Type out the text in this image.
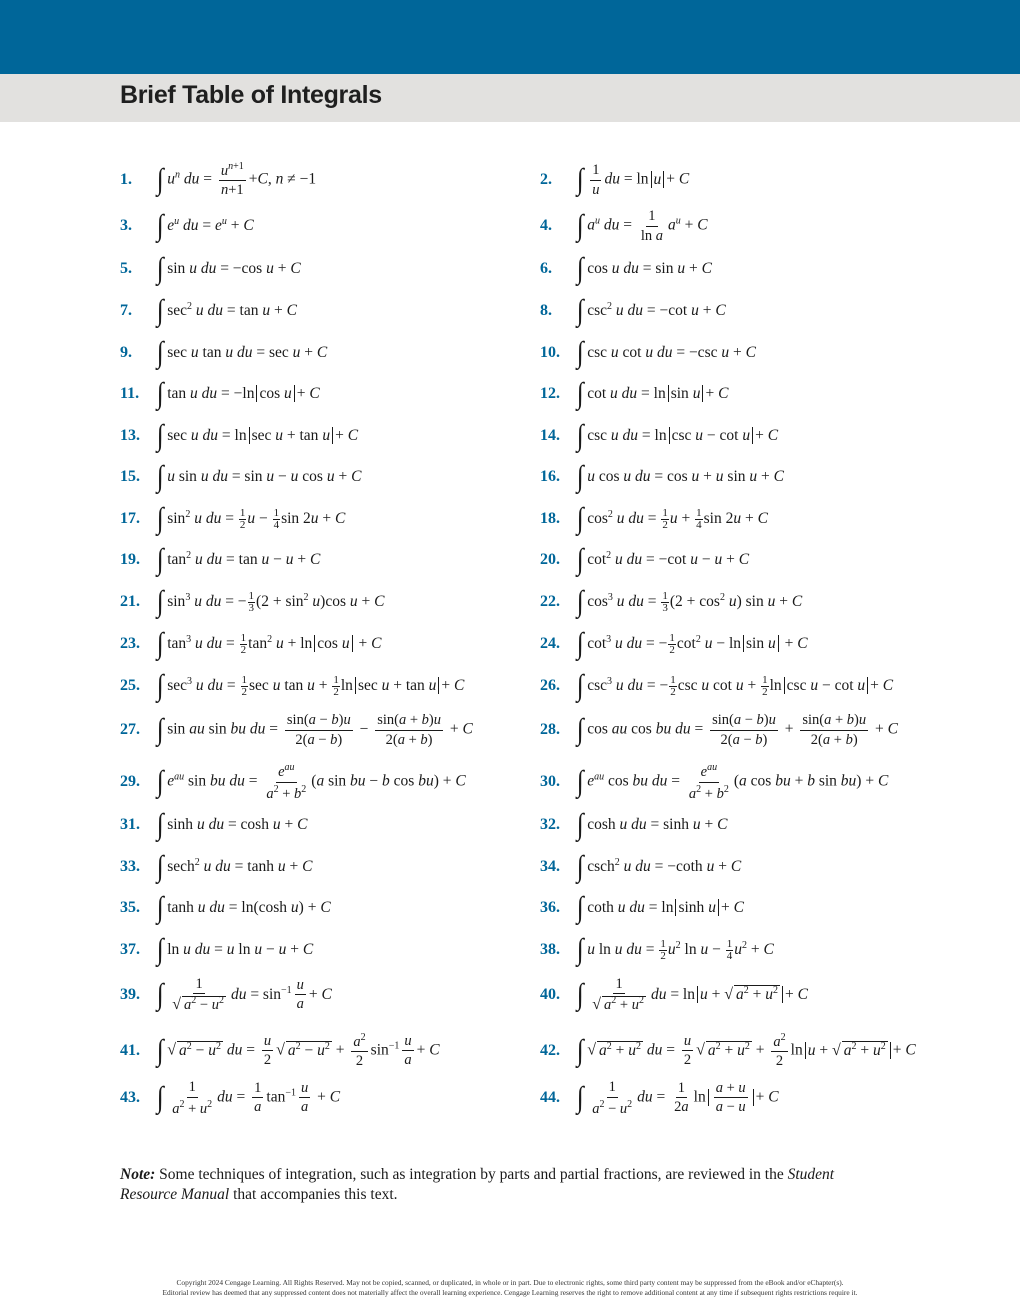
Brief Table of Integrals
1. ∫ $u^n$ du = $\frac{u^{n+1}}{n+1} +C$, n ≠ −1	2. ∫ $\frac{1}{u}$ du = ln u + C
3. ∫ $e^u$ du = $e^u + C$	4. ∫ $a^u$ du = $\frac{1}{\text{ln a}} a^u + C$
5. ∫ sin u du = −cos u + C	6. ∫ cos u du = sin u + C
7. ∫ $\sec^2 u$ du = tan u + C	8. ∫ $\csc^2 u$ du = −cot u + C
9. ∫ sec u tan u du = sec u + C	10. ∫ csc u cot u du = −csc u + C
11. ∫ tan u du = −ln cos u + C	12. ∫ cot u du = ln sin u + C
13. ∫ sec u du = ln sec u + tan u + C	14. ∫ csc u du = ln csc u − cot u + C
15. ∫ u sin u du = sin u − u cos u + C	16. ∫ u cos u du = cos u + u sin u + C
17. ∫ $\sin^2 u$ du = $\frac{1}{2}$ $u - \frac{1}{4}$ sin 2u + C	18. ∫ $\cos^2 u$ du = $\frac{1}{2}$ $u + \frac{1}{4}$ sin 2u + C
19. ∫ $\tan^2 u$ du = tan u − u + C	20. ∫ $\cot^2 u$ du = −cot u − u + C
21. ∫ $\sin^3 u$ du = − $\frac{1}{3} (2 + \sin^2 u)\cos$ u + C	22. ∫ $\cos^3 u$ du = $\frac{1}{3} (2 + \cos^2 u)$ sin u + C
23. ∫ $\tan^3 u$ du = $\frac{1}{2} \tan^2 u + \ln \cos u + C$	24. ∫ $\cot^3 u$ du = − $\frac{1}{2} \cot^2 u - \ln \sin u + C$
25. ∫ $\sec^3 u$ du = $\frac{1}{2}$ sec u $\tan u + \frac{1}{2}$ ln sec u + tan u + C	26. ∫ $\csc^3 u$ du = − $\frac{1}{2}$ csc u $\cot u + \frac{1}{2}$ ln csc u − cot u + C
27. ∫ sin au sin bu du = $\frac{\sin(a - b)u}{2(a - b)} - \frac{\sin(a + b)u}{2(a + b)} + C$	28. ∫ cos au cos bu du = $\frac{\sin(a - b)u}{2(a - b)} + \frac{\sin(a + b)u}{2(a + b)} + C$
29. ∫ $e^{au}$ sin bu du = $\frac{e^{au}}{a^2 + b^2} (a$ sin bu − b cos bu) + C	30. ∫ $e^{au}$ cos bu du = $\frac{e^{au}}{a^2 + b^2} (a$ cos bu + b sin bu) + C
31. ∫ sinh u du = cosh u + C	32. ∫ cosh u du = sinh u + C
33. ∫ sech$^2$ u du = tanh u + C	34. ∫ csch$^2$ u du = −coth u + C
35. ∫ tanh u du = ln(cosh u) + C	36. ∫ coth u du = ln sinh u + C
37. ∫ ln u du = u ln u − u + C	38. ∫ u ln u du = $\frac{1}{2} u^2$ $\ln u - \frac{1}{4} u^2 + C$
39. ∫ $\frac{1}{√ a^2 - u^2}$ du = $\sin^{-1} \frac{u}{a} + C$	40. ∫ $\frac{1}{√ a^2 + u^2}$ du = ln u + √ $a^2 + u^2 + C$
41. ∫ √ $a^2 - u^2$ du = $\frac{u}{2}$ √ $a^2 - u^2 + \frac{a^2}{2} \sin^{-1} \frac{u}{a} + C$	42. ∫ √ $a^2 + u^2$ du = $\frac{u}{2}$ √ $a^2 + u^2 + \frac{a^2}{2}$ ln u + √ $a^2 + u^2 + C$
43. ∫ $\frac{1}{a^2 + u^2}$ du = $\frac{1}{a} \tan^{-1} \frac{u}{a} + C$	44. ∫ $\frac{1}{a^2 - u^2}$ du = $\frac{1}{2a}$ $\ln \frac{a + u}{a - u} + C$
Note: Some techniques of integration, such as integration by parts and partial fractions, are reviewed in the Student Resource Manual that accompanies this text.
Copyright 2024 Cengage Learning. All Rights Reserved. May not be copied, scanned, or duplicated, in whole or in part. Due to electronic rights, some third party content may be suppressed from the eBook and/or eChapter(s).
Editorial review has deemed that any suppressed content does not materially affect the overall learning experience. Cengage Learning reserves the right to remove additional content at any time if subsequent rights restrictions require it.
